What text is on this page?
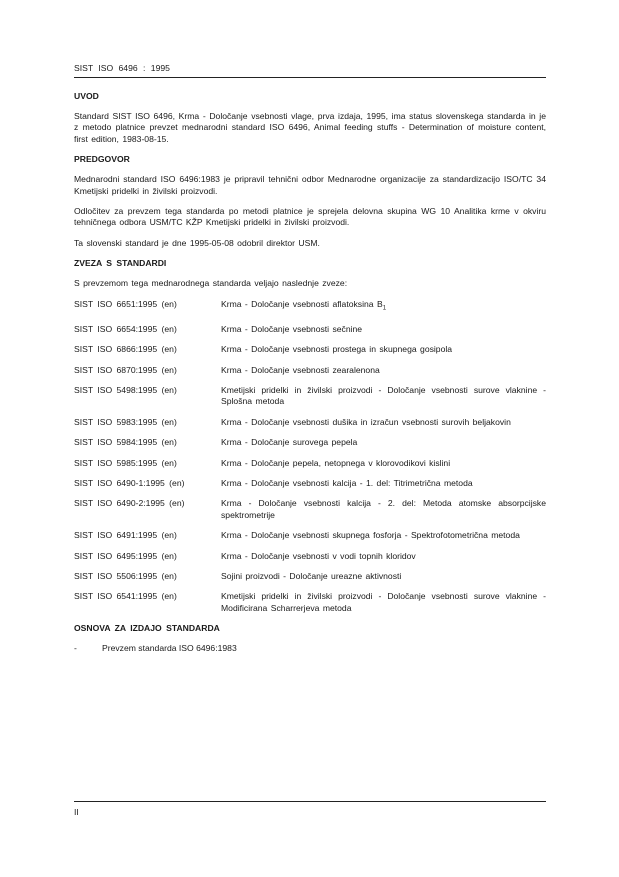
SIST ISO 6496 : 1995
UVOD

Standard SIST ISO 6496, Krma - Določanje vsebnosti vlage, prva izdaja, 1995, ima status slovenskega standarda in je z metodo platnice prevzet mednarodni standard ISO 6496, Animal feeding stuffs - Determination of moisture content, first edition, 1983-08-15.

PREDGOVOR

Mednarodni standard ISO 6496:1983 je pripravil tehnični odbor Mednarodne organizacije za standardizacijo ISO/TC 34 Kmetijski pridelki in živilski proizvodi.

Odločitev za prevzem tega standarda po metodi platnice je sprejela delovna skupina WG 10 Analitika krme v okviru tehničnega odbora USM/TC KŽP Kmetijski pridelki in živilski proizvodi.

Ta slovenski standard je dne 1995-05-08 odobril direktor USM.

ZVEZA S STANDARDI

S prevzemom tega mednarodnega standarda veljajo naslednje zveze:

SIST ISO 6651:1995 (en)	Krma - Določanje vsebnosti aflatoksina $B_1$
SIST ISO 6654:1995 (en)	Krma - Določanje vsebnosti sečnine
SIST ISO 6866:1995 (en)	Krma - Določanje vsebnosti prostega in skupnega gosipola
SIST ISO 6870:1995 (en)	Krma - Določanje vsebnosti zearalenona
SIST ISO 5498:1995 (en)	Kmetijski pridelki in živilski proizvodi - Določanje vsebnosti surove vlaknine - Splošna metoda
SIST ISO 5983:1995 (en)	Krma - Določanje vsebnosti dušika in izračun vsebnosti surovih beljakovin
SIST ISO 5984:1995 (en)	Krma - Določanje surovega pepela
SIST ISO 5985:1995 (en)	Krma - Določanje pepela, netopnega v klorovodikovi kislini
SIST ISO 6490-1:1995 (en)	Krma - Določanje vsebnosti kalcija - 1. del: Titrimetrična metoda
SIST ISO 6490-2:1995 (en)	Krma - Določanje vsebnosti kalcija - 2. del: Metoda atomske absorpcijske spektrometrije
SIST ISO 6491:1995 (en)	Krma - Določanje vsebnosti skupnega fosforja - Spektrofotometrična metoda
SIST ISO 6495:1995 (en)	Krma - Določanje vsebnosti v vodi topnih kloridov
SIST ISO 5506:1995 (en)	Sojini proizvodi - Določanje ureazne aktivnosti
SIST ISO 6541:1995 (en)	Kmetijski pridelki in živilski proizvodi - Določanje vsebnosti surove vlaknine - Modificirana Scharrerjeva metoda
OSNOVA ZA IZDAJO STANDARDA
-	Prevzem standarda ISO 6496:1983
II
